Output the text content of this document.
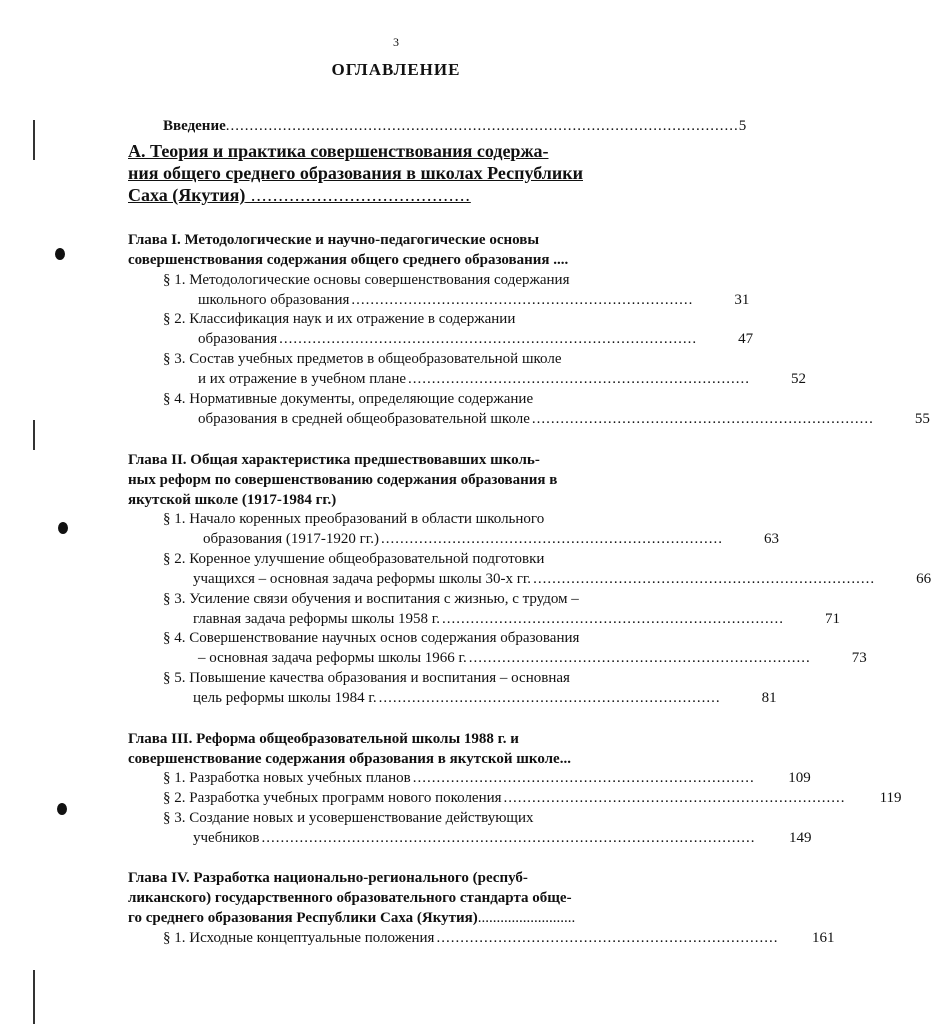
3
ОГЛАВЛЕНИЕ
Введение ............................................................................................................ 5
А. Теория и практика совершенствования содержа-
ния общего среднего образования в школах Республики
Саха (Якутия) ........................................
Глава I. Методологические и научно-педагогические основы
совершенствования содержания общего среднего образования ....
§ 1. Методологические основы совершенствования содержания
школьного образования ........................................................................	31
§ 2. Классификация наук и их отражение в содержании
образования ........................................................................................	47
§ 3. Состав учебных предметов в общеобразовательной школе
и их отражение в учебном плане ........................................................................	52
§ 4. Нормативные документы, определяющие содержание
образования в средней общеобразовательной школе ........................................................................	55
Глава II. Общая характеристика предшествовавших школь-
ных реформ по совершенствованию содержания образования в
якутской школе (1917-1984 гг.)
§ 1. Начало коренных преобразований в области школьного
образования (1917-1920 гг.) ........................................................................	63
§ 2. Коренное улучшение общеобразовательной подготовки
учащихся – основная задача реформы школы 30-х гг. ........................................................................	66
§ 3. Усиление связи обучения и воспитания с жизнью, с трудом –
главная задача реформы школы 1958 г. ........................................................................	71
§ 4. Совершенствование научных основ содержания образования
– основная задача реформы школы 1966 г. ........................................................................	73
§ 5. Повышение качества образования и воспитания – основная
цель реформы школы 1984 г. ........................................................................	81
Глава III. Реформа общеобразовательной школы 1988 г. и
совершенствование содержания образования в якутской школе...
§ 1. Разработка новых учебных планов ........................................................................	109
§ 2. Разработка учебных программ нового поколения ........................................................................	119
§ 3. Создание новых и усовершенствование действующих
учебников ........................................................................................................	149
Глава IV. Разработка национально-регионального (респуб-
ликанского) государственного образовательного стандарта обще-
го среднего образования Республики Саха (Якутия)..........................
§ 1. Исходные концептуальные положения ........................................................................	161
